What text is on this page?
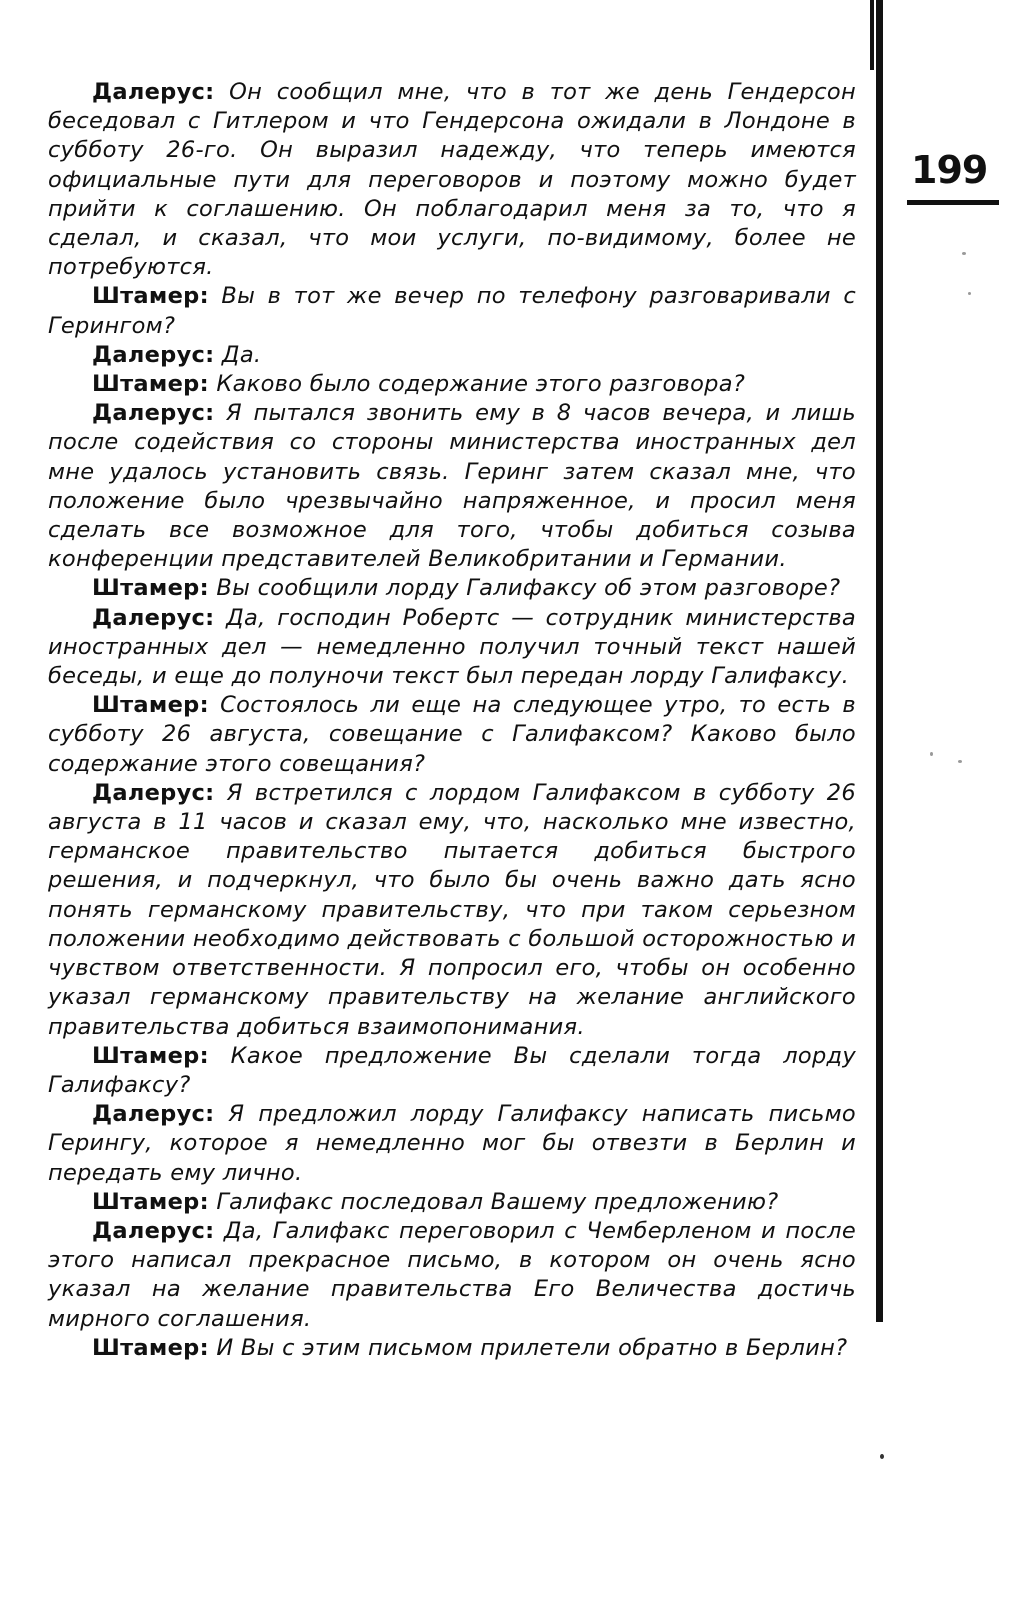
199

Далерус: Он сообщил мне, что в тот же день Гендерсон беседовал с Гитлером и что Гендерсона ожидали в Лондоне в субботу 26-го. Он выразил надежду, что теперь имеются официальные пути для переговоров и поэтому можно будет прийти к соглашению. Он поблагодарил меня за то, что я сделал, и сказал, что мои услуги, по-видимому, более не потребуются.

Штамер: Вы в тот же вечер по телефону разговаривали с Герингом?

Далерус: Да.

Штамер: Каково было содержание этого разговора?

Далерус: Я пытался звонить ему в 8 часов вечера, и лишь после содействия со стороны министерства иностранных дел мне удалось установить связь. Геринг затем сказал мне, что положение было чрезвычайно напряженное, и просил меня сделать все возможное для того, чтобы добиться созыва конференции представителей Великобритании и Германии.

Штамер: Вы сообщили лорду Галифаксу об этом разговоре?

Далерус: Да, господин Робертс — сотрудник министерства иностранных дел — немедленно получил точный текст нашей беседы, и еще до полуночи текст был передан лорду Галифаксу.

Штамер: Состоялось ли еще на следующее утро, то есть в субботу 26 августа, совещание с Галифаксом? Каково было содержание этого совещания?

Далерус: Я встретился с лордом Галифаксом в субботу 26 августа в 11 часов и сказал ему, что, насколько мне известно, германское правительство пытается добиться быстрого решения, и подчеркнул, что было бы очень важно дать ясно понять германскому правительству, что при таком серьезном положении необходимо действовать с большой осторожностью и чувством ответственности. Я попросил его, чтобы он особенно указал германскому правительству на желание английского правительства добиться взаимопонимания.

Штамер: Какое предложение Вы сделали тогда лорду Галифаксу?

Далерус: Я предложил лорду Галифаксу написать письмо Герингу, которое я немедленно мог бы отвезти в Берлин и передать ему лично.

Штамер: Галифакс последовал Вашему предложению?

Далерус: Да, Галифакс переговорил с Чемберленом и после этого написал прекрасное письмо, в котором он очень ясно указал на желание правительства Его Величества достичь мирного соглашения.

Штамер: И Вы с этим письмом прилетели обратно в Берлин?
